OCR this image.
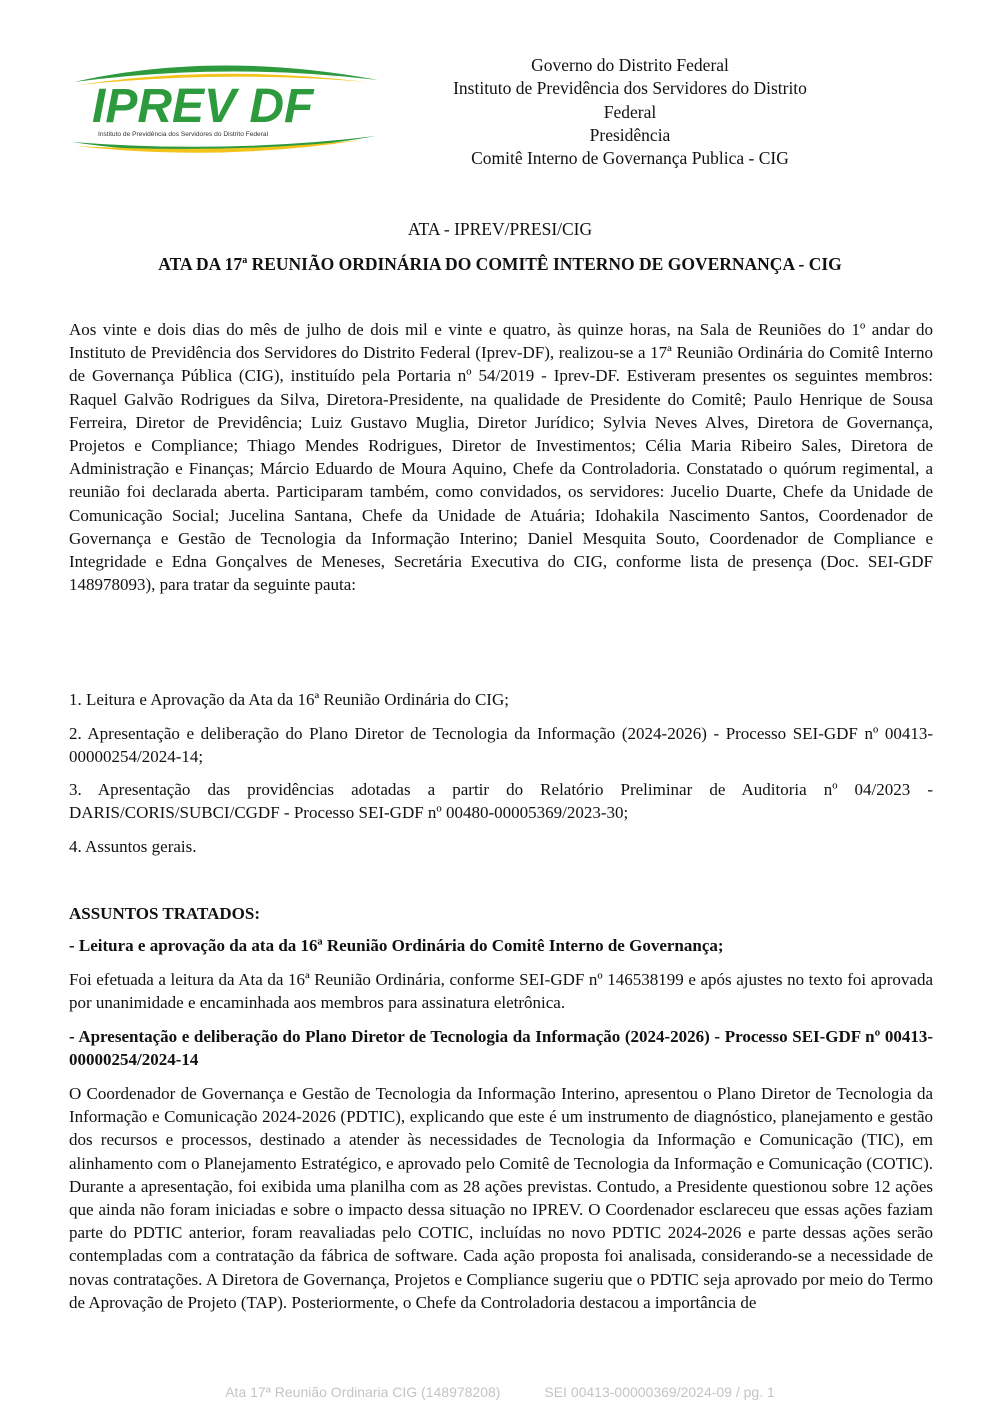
IPREV DF
Instituto de Previdência dos Servidores do Distrito Federal
Governo do Distrito Federal
Instituto de Previdência dos Servidores do Distrito
Federal
Presidência
Comitê Interno de Governança Publica - CIG
ATA - IPREV/PRESI/CIG
ATA DA 17$^a$ REUNIÃO ORDINÁRIA DO COMITÊ INTERNO DE GOVERNANÇA - CIG

Aos vinte e dois dias do mês de julho de dois mil e vinte e quatro, às quinze horas, na Sala de Reuniões do 1º andar do Instituto de Previdência dos Servidores do Distrito Federal (Iprev-DF), realizou-se a 17ª Reunião Ordinária do Comitê Interno de Governança Pública (CIG), instituído pela Portaria nº 54/2019 - Iprev-DF. Estiveram presentes os seguintes membros: Raquel Galvão Rodrigues da Silva, Diretora-Presidente, na qualidade de Presidente do Comitê; Paulo Henrique de Sousa Ferreira, Diretor de Previdência; Luiz Gustavo Muglia, Diretor Jurídico; Sylvia Neves Alves, Diretora de Governança, Projetos e Compliance; Thiago Mendes Rodrigues, Diretor de Investimentos; Célia Maria Ribeiro Sales, Diretora de Administração e Finanças; Márcio Eduardo de Moura Aquino, Chefe da Controladoria. Constatado o quórum regimental, a reunião foi declarada aberta. Participaram também, como convidados, os servidores: Jucelio Duarte, Chefe da Unidade de Comunicação Social; Jucelina Santana, Chefe da Unidade de Atuária; Idohakila Nascimento Santos, Coordenador de Governança e Gestão de Tecnologia da Informação Interino; Daniel Mesquita Souto, Coordenador de Compliance e Integridade e Edna Gonçalves de Meneses, Secretária Executiva do CIG, conforme lista de presença (Doc. SEI-GDF 148978093), para tratar da seguinte pauta:

1. Leitura e Aprovação da Ata da 16ª Reunião Ordinária do CIG;

2. Apresentação e deliberação do Plano Diretor de Tecnologia da Informação (2024-2026) - Processo SEI-GDF nº 00413-00000254/2024-14;

3. Apresentação das providências adotadas a partir do Relatório Preliminar de Auditoria nº 04/2023 - DARIS/CORIS/SUBCI/CGDF - Processo SEI-GDF nº 00480-00005369/2023-30;

4. Assuntos gerais.

ASSUNTOS TRATADOS:

- Leitura e aprovação da ata da 16ª Reunião Ordinária do Comitê Interno de Governança;

Foi efetuada a leitura da Ata da 16ª Reunião Ordinária, conforme SEI-GDF nº 146538199 e após ajustes no texto foi aprovada por unanimidade e encaminhada aos membros para assinatura eletrônica.

- Apresentação e deliberação do Plano Diretor de Tecnologia da Informação (2024-2026) - Processo SEI-GDF nº 00413-00000254/2024-14

O Coordenador de Governança e Gestão de Tecnologia da Informação Interino, apresentou o Plano Diretor de Tecnologia da Informação e Comunicação 2024-2026 (PDTIC), explicando que este é um instrumento de diagnóstico, planejamento e gestão dos recursos e processos, destinado a atender às necessidades de Tecnologia da Informação e Comunicação (TIC), em alinhamento com o Planejamento Estratégico, e aprovado pelo Comitê de Tecnologia da Informação e Comunicação (COTIC). Durante a apresentação, foi exibida uma planilha com as 28 ações previstas. Contudo, a Presidente questionou sobre 12 ações que ainda não foram iniciadas e sobre o impacto dessa situação no IPREV. O Coordenador esclareceu que essas ações faziam parte do PDTIC anterior, foram reavaliadas pelo COTIC, incluídas no novo PDTIC 2024-2026 e parte dessas ações serão contempladas com a contratação da fábrica de software. Cada ação proposta foi analisada, considerando-se a necessidade de novas contratações. A Diretora de Governança, Projetos e Compliance sugeriu que o PDTIC seja aprovado por meio do Termo de Aprovação de Projeto (TAP). Posteriormente, o Chefe da Controladoria destacou a importância de

Ata 17ª Reunião Ordinaria CIG (148978208)	SEI 00413-00000369/2024-09 / pg. 1
